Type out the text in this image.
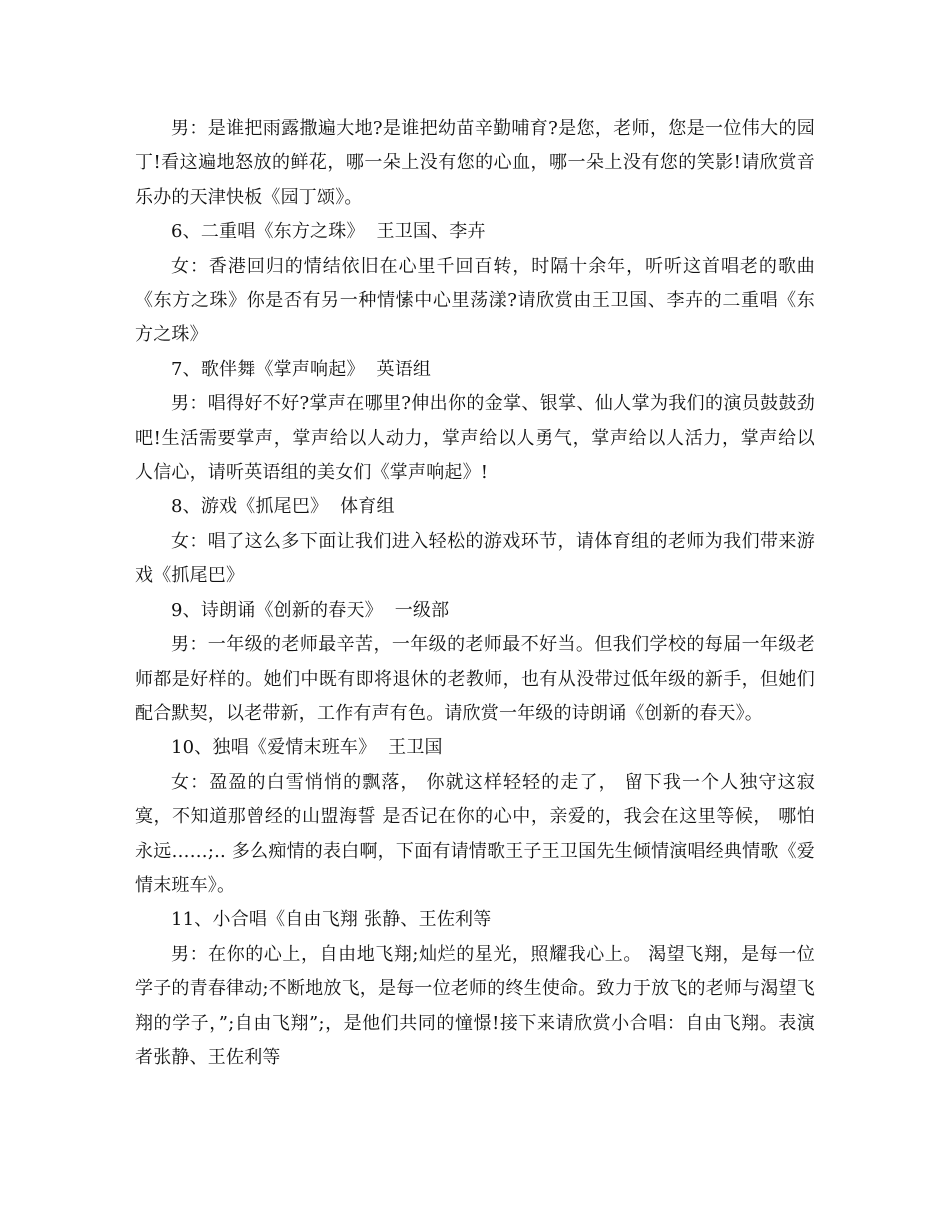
男：是谁把雨露撒遍大地?是谁把幼苗辛勤哺育?是您，老师，您是一位伟大的园丁!看这遍地怒放的鲜花，哪一朵上没有您的心血，哪一朵上没有您的笑影!请欣赏音乐办的天津快板《园丁颂》。

6、二重唱《东方之珠》  王卫国、李卉

女：香港回归的情结依旧在心里千回百转，时隔十余年，听听这首唱老的歌曲《东方之珠》你是否有另一种情愫中心里荡漾?请欣赏由王卫国、李卉的二重唱《东方之珠》

7、歌伴舞《掌声响起》  英语组

男：唱得好不好?掌声在哪里?伸出你的金掌、银掌、仙人掌为我们的演员鼓鼓劲吧!生活需要掌声，掌声给以人动力，掌声给以人勇气，掌声给以人活力，掌声给以人信心，请听英语组的美女们《掌声响起》!

8、游戏《抓尾巴》  体育组

女：唱了这么多下面让我们进入轻松的游戏环节，请体育组的老师为我们带来游戏《抓尾巴》

9、诗朗诵《创新的春天》  一级部

男：一年级的老师最辛苦，一年级的老师最不好当。但我们学校的每届一年级老师都是好样的。她们中既有即将退休的老教师，也有从没带过低年级的新手，但她们配合默契，以老带新，工作有声有色。请欣赏一年级的诗朗诵《创新的春天》。

10、独唱《爱情末班车》  王卫国

女：盈盈的白雪悄悄的飘落， 你就这样轻轻的走了， 留下我一个人独守这寂寞，不知道那曾经的山盟海誓 是否记在你的心中，亲爱的，我会在这里等候， 哪怕永远……;.. 多么痴情的表白啊，下面有请情歌王子王卫国先生倾情演唱经典情歌《爱情末班车》。

11、小合唱《自由飞翔 张静、王佐利等

男：在你的心上，自由地飞翔;灿烂的星光，照耀我心上。 渴望飞翔，是每一位学子的青春律动;不断地放飞，是每一位老师的终生使命。致力于放飞的老师与渴望飞翔的学子，”;自由飞翔”;，是他们共同的憧憬!接下来请欣赏小合唱：自由飞翔。表演者张静、王佐利等
